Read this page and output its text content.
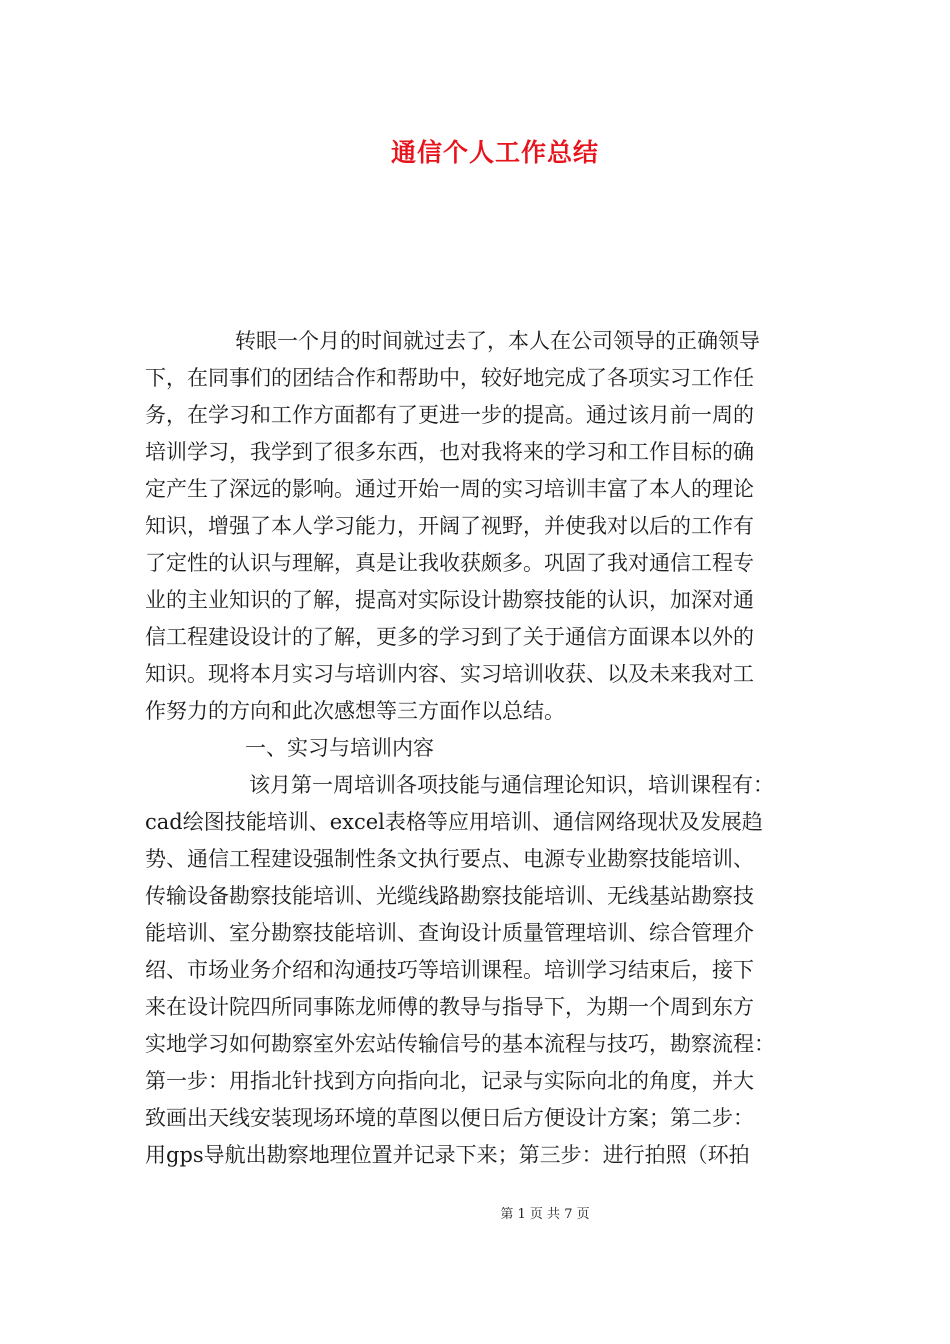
通信个人工作总结
转眼一个月的时间就过去了，本人在公司领导的正确领导
下，在同事们的团结合作和帮助中，较好地完成了各项实习工作任
务，在学习和工作方面都有了更进一步的提高。通过该月前一周的
培训学习，我学到了很多东西，也对我将来的学习和工作目标的确
定产生了深远的影响。通过开始一周的实习培训丰富了本人的理论
知识，增强了本人学习能力，开阔了视野，并使我对以后的工作有
了定性的认识与理解，真是让我收获颇多。巩固了我对通信工程专
业的主业知识的了解，提高对实际设计勘察技能的认识，加深对通
信工程建设设计的了解，更多的学习到了关于通信方面课本以外的
知识。现将本月实习与培训内容、实习培训收获、以及未来我对工
作努力的方向和此次感想等三方面作以总结。
一、实习与培训内容
该月第一周培训各项技能与通信理论知识，培训课程有：
cad绘图技能培训、excel表格等应用培训、通信网络现状及发展趋
势、通信工程建设强制性条文执行要点、电源专业勘察技能培训、
传输设备勘察技能培训、光缆线路勘察技能培训、无线基站勘察技
能培训、室分勘察技能培训、查询设计质量管理培训、综合管理介
绍、市场业务介绍和沟通技巧等培训课程。培训学习结束后，接下
来在设计院四所同事陈龙师傅的教导与指导下，为期一个周到东方
实地学习如何勘察室外宏站传输信号的基本流程与技巧，勘察流程：
第一步：用指北针找到方向指向北，记录与实际向北的角度，并大
致画出天线安装现场环境的草图以便日后方便设计方案；第二步：
用gps导航出勘察地理位置并记录下来；第三步：进行拍照（环拍
第 1 页 共 7 页
